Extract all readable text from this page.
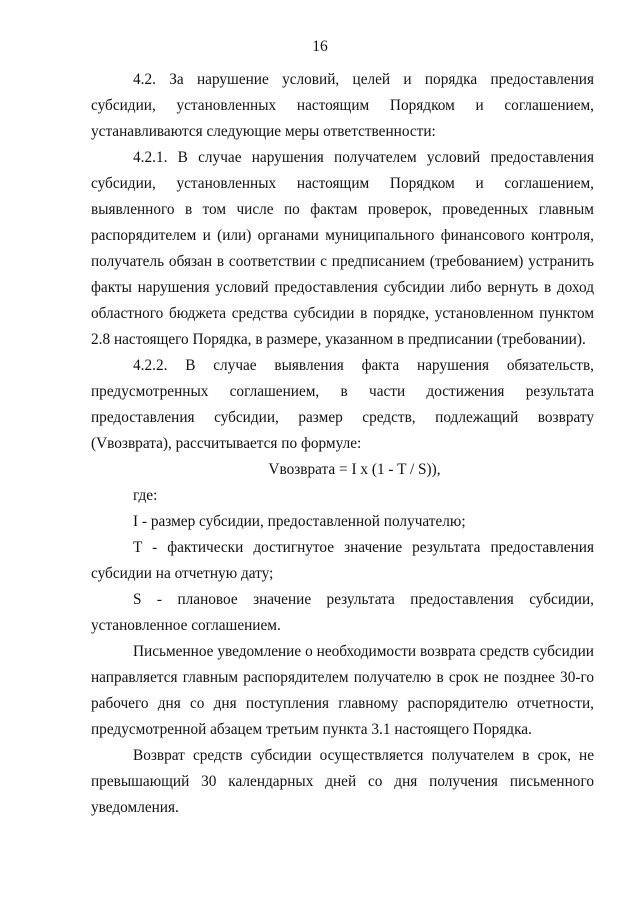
16

4.2. За нарушение условий, целей и порядка предоставления субсидии, установленных настоящим Порядком и соглашением, устанавливаются следующие меры ответственности:

4.2.1. В случае нарушения получателем условий предоставления субсидии, установленных настоящим Порядком и соглашением, выявленного в том числе по фактам проверок, проведенных главным распорядителем и (или) органами муниципального финансового контроля, получатель обязан в соответствии с предписанием (требованием) устранить факты нарушения условий предоставления субсидии либо вернуть в доход областного бюджета средства субсидии в порядке, установленном пунктом 2.8 настоящего Порядка, в размере, указанном в предписании (требовании).

4.2.2. В случае выявления факта нарушения обязательств, предусмотренных соглашением, в части достижения результата предоставления субсидии, размер средств, подлежащий возврату (Vвозврата), рассчитывается по формуле:

Vвозврата = I x (1 - T / S)),

где:

I - размер субсидии, предоставленной получателю;

T - фактически достигнутое значение результата предоставления субсидии на отчетную дату;

S - плановое значение результата предоставления субсидии, установленное соглашением.

Письменное уведомление о необходимости возврата средств субсидии направляется главным распорядителем получателю в срок не позднее 30-го рабочего дня со дня поступления главному распорядителю отчетности, предусмотренной абзацем третьим пункта 3.1 настоящего Порядка.

Возврат средств субсидии осуществляется получателем в срок, не превышающий 30 календарных дней со дня получения письменного уведомления.
